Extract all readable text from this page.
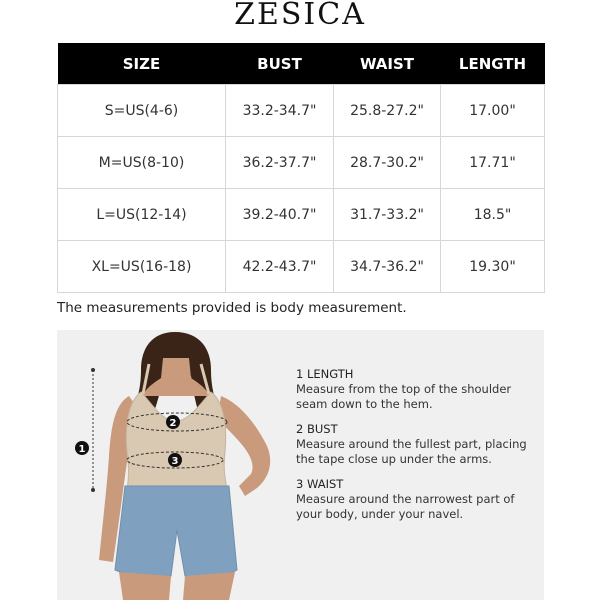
ZESICA
SIZE	BUST	WAIST	LENGTH
S=US(4-6)	33.2-34.7"	25.8-27.2"	17.00"
M=US(8-10)	36.2-37.7"	28.7-30.2"	17.71"
L=US(12-14)	39.2-40.7"	31.7-33.2"	18.5"
XL=US(16-18)	42.2-43.7"	34.7-36.2"	19.30"
The measurements provided is body measurement.
1
2
3
1 LENGTH
Measure from the top of the shoulder seam down to the hem.
2 BUST
Measure around the fullest part, placing the tape close up under the arms.
3 WAIST
Measure around the narrowest part of your body, under your navel.
